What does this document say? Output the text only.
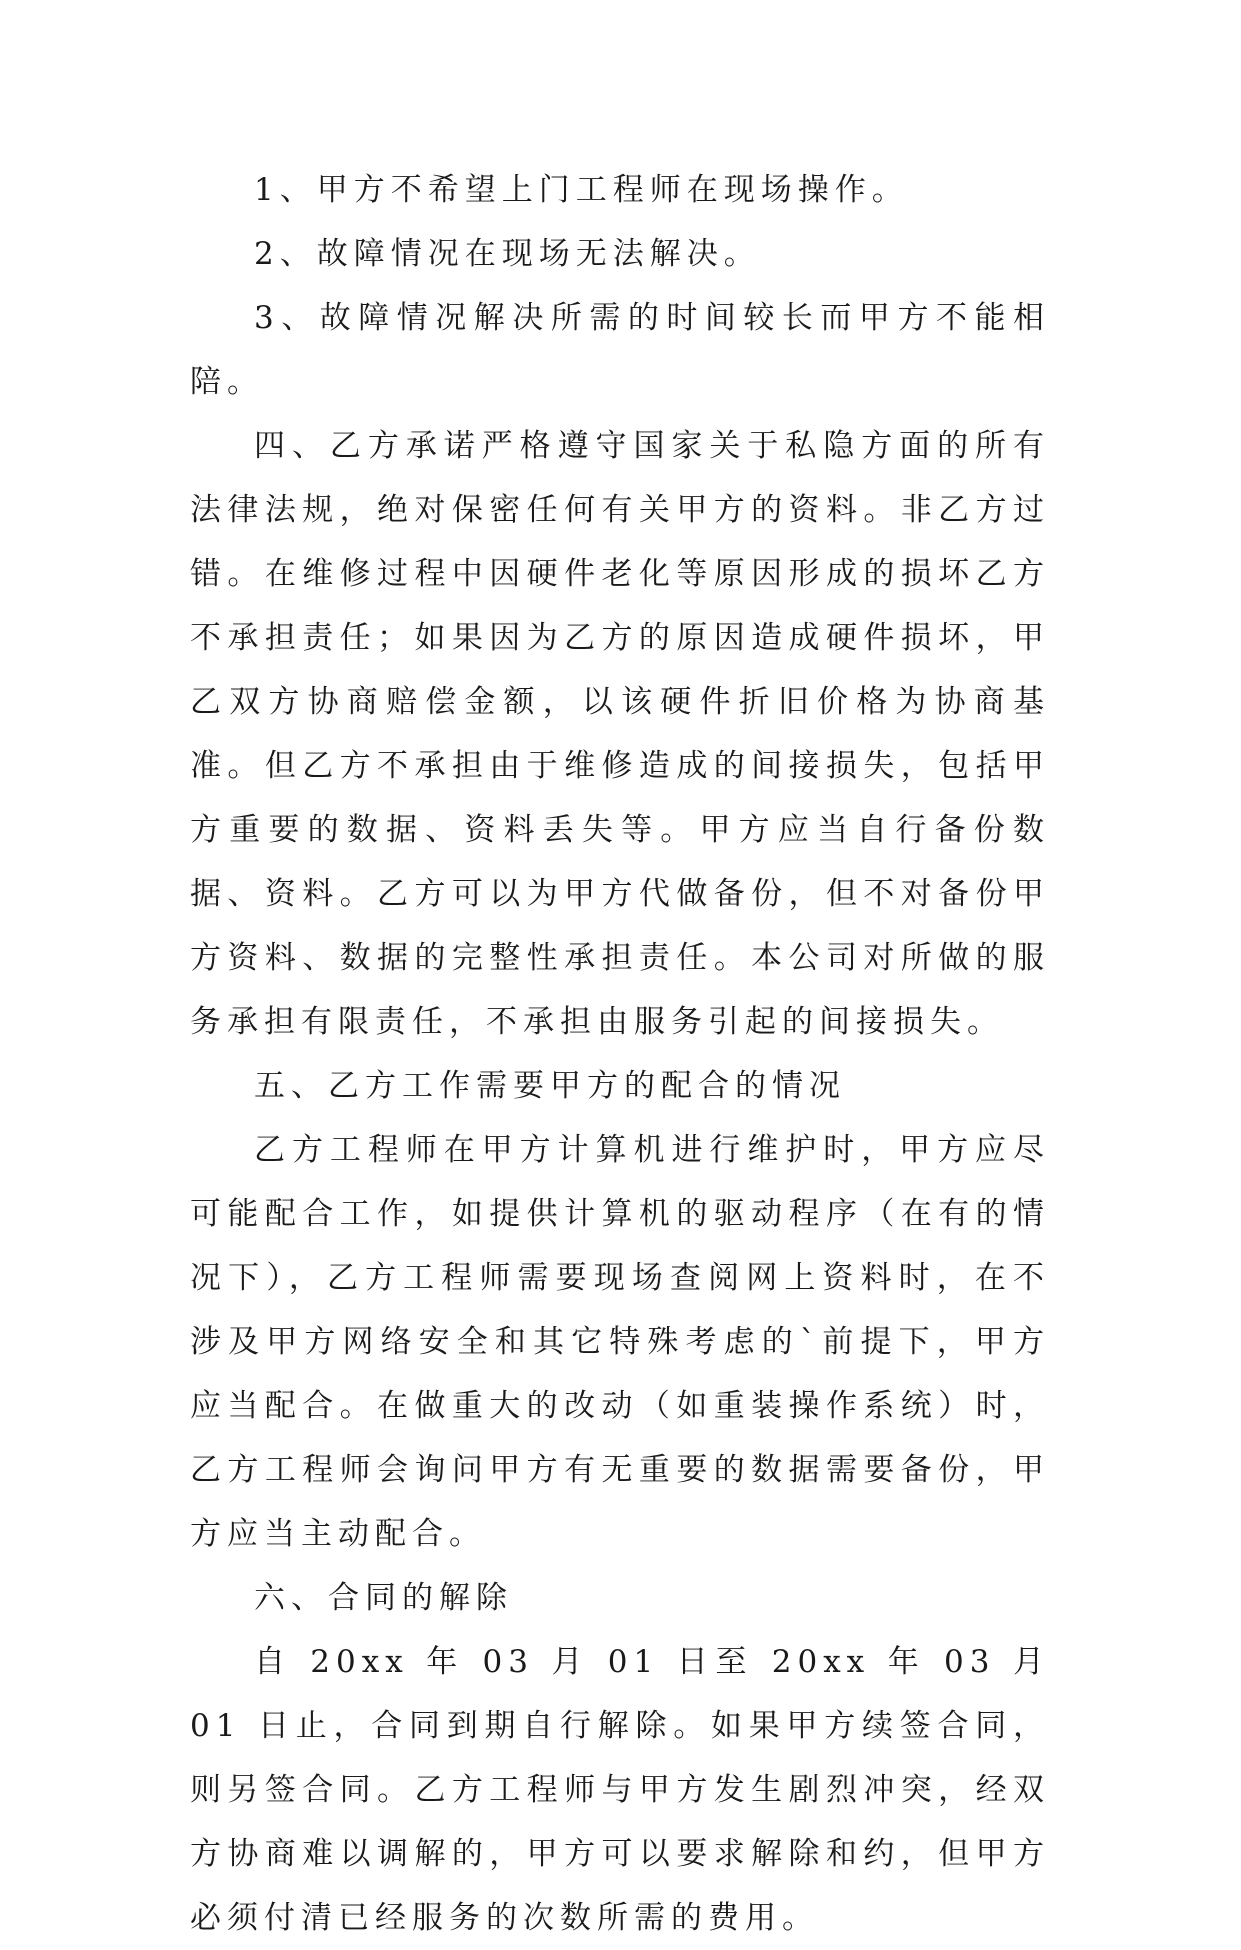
1、甲方不希望上门工程师在现场操作。

2、故障情况在现场无法解决。

3、故障情况解决所需的时间较长而甲方不能相陪。

四、乙方承诺严格遵守国家关于私隐方面的所有法律法规，绝对保密任何有关甲方的资料。非乙方过错。在维修过程中因硬件老化等原因形成的损坏乙方不承担责任；如果因为乙方的原因造成硬件损坏，甲乙双方协商赔偿金额，以该硬件折旧价格为协商基准。但乙方不承担由于维修造成的间接损失，包括甲方重要的数据、资料丢失等。甲方应当自行备份数据、资料。乙方可以为甲方代做备份，但不对备份甲方资料、数据的完整性承担责任。本公司对所做的服务承担有限责任，不承担由服务引起的间接损失。

五、乙方工作需要甲方的配合的情况

乙方工程师在甲方计算机进行维护时，甲方应尽可能配合工作，如提供计算机的驱动程序（在有的情况下），乙方工程师需要现场查阅网上资料时，在不涉及甲方网络安全和其它特殊考虑的`前提下，甲方应当配合。在做重大的改动（如重装操作系统）时，乙方工程师会询问甲方有无重要的数据需要备份，甲方应当主动配合。

六、合同的解除

自 20xx 年 03 月 01 日至 20xx 年 03 月 01 日止，合同到期自行解除。如果甲方续签合同，则另签合同。乙方工程师与甲方发生剧烈冲突，经双方协商难以调解的，甲方可以要求解除和约，但甲方必须付清已经服务的次数所需的费用。
